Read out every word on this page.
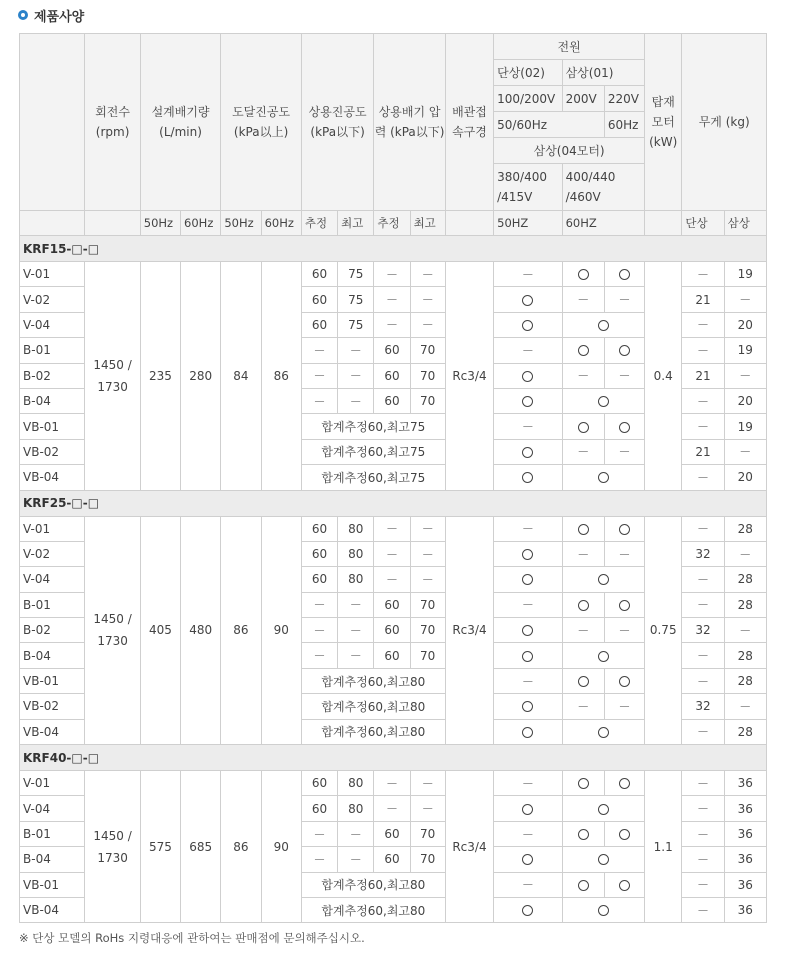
제품사양
	회전수 (rpm)	설계배기량 (L/min)		도달진공도 (kPa以上)		상용진공도 (kPa以下)		상용배기 압력 (kPa以下)		배관접 속구경	전원			탑재 모터 (kW)	무게 (kg)	
											단상(02)	삼상(01)				
											100/200V	200V	220V			
											50/60Hz		60Hz			
											삼상(04모터)					
											380/400 /415V	400/440 /460V				
		50Hz	60Hz	50Hz	60Hz	추정	최고	추정	최고		50HZ	60HZ			단상	삼상
KRF15-□-□																
V-01	1450 / 1730	235	280	84	86	60	75	－	－	Rc3/4	－			0.4	－	19
V-02						60	75	－	－			－	－		21	－
V-04						60	75	－	－						－	20
B-01						－	－	60	70		－				－	19
B-02						－	－	60	70			－	－		21	－
B-04						－	－	60	70						－	20
VB-01						합계추정60,최고75					－				－	19
VB-02						합계추정60,최고75						－	－		21	－
VB-04						합계추정60,최고75									－	20
KRF25-□-□																
V-01	1450 / 1730	405	480	86	90	60	80	－	－	Rc3/4	－			0.75	－	28
V-02						60	80	－	－			－	－		32	－
V-04						60	80	－	－						－	28
B-01						－	－	60	70		－				－	28
B-02						－	－	60	70			－	－		32	－
B-04						－	－	60	70						－	28
VB-01						합계추정60,최고80					－				－	28
VB-02						합계추정60,최고80						－	－		32	－
VB-04						합계추정60,최고80									－	28
KRF40-□-□																
V-01	1450 / 1730	575	685	86	90	60	80	－	－	Rc3/4	－			1.1	－	36
V-04						60	80	－	－						－	36
B-01						－	－	60	70		－				－	36
B-04						－	－	60	70						－	36
VB-01						합계추정60,최고80					－				－	36
VB-04						합계추정60,최고80									－	36
※ 단상 모델의 RoHs 지령대응에 관하여는 판매점에 문의해주십시오.
